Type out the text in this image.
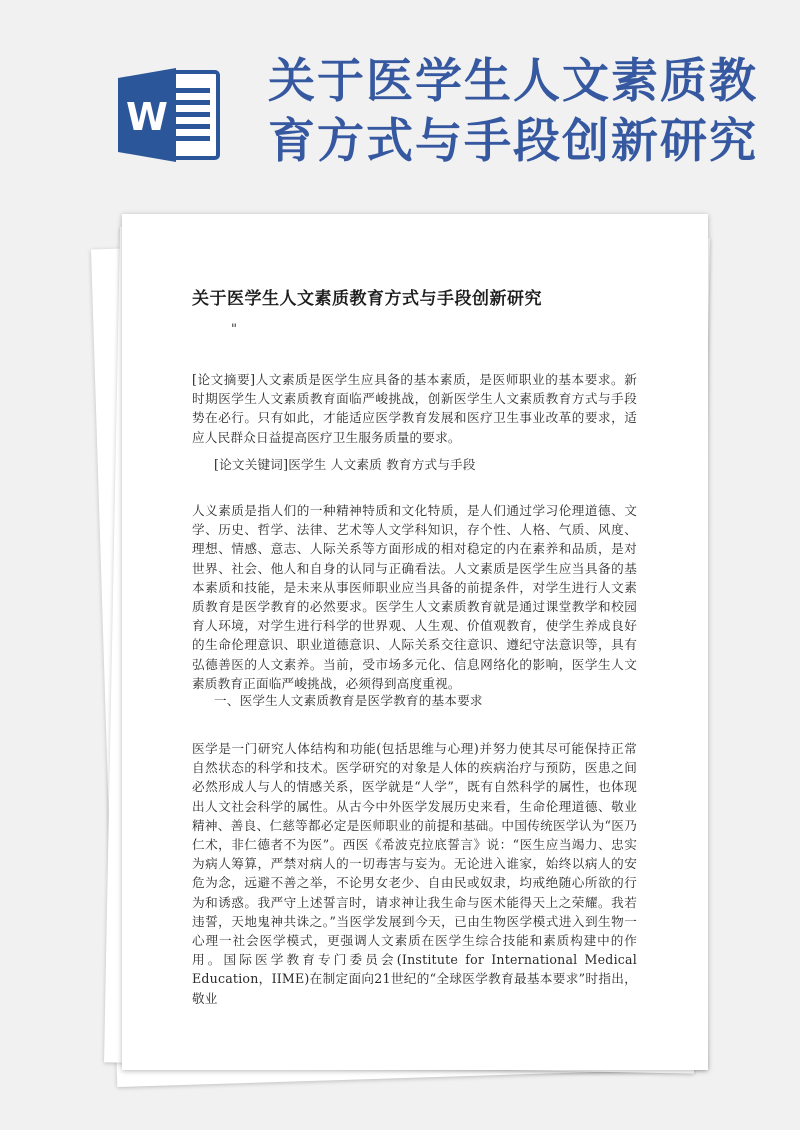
W
关于医学生人文素质教
育方式与手段创新研究
关于医学生人文素质教育方式与手段创新研究
"
[论文摘要]人文素质是医学生应具备的基本素质，是医师职业的基本要求。新时期医学生人文素质教育面临严峻挑战，创新医学生人文素质教育方式与手段势在必行。只有如此，才能适应医学教育发展和医疗卫生事业改革的要求，适应人民群众日益提高医疗卫生服务质量的要求。
[论文关键词]医学生 人文素质 教育方式与手段
人义素质是指人们的一种精神特质和文化特质，是人们通过学习伦理道德、文学、历史、哲学、法律、艺术等人文学科知识，存个性、人格、气质、风度、理想、情感、意志、人际关系等方面形成的相对稳定的内在素养和品质，是对世界、社会、他人和自身的认同与正确看法。人文素质是医学生应当具备的基本素质和技能，是未来从事医师职业应当具备的前提条件，对学生进行人文素质教育是医学教育的必然要求。医学生人文素质教育就是通过课堂教学和校园育人环境，对学生进行科学的世界观、人生观、价值观教育，使学生养成良好的生命伦理意识、职业道德意识、人际关系交往意识、遵纪守法意识等，具有弘德善医的人文素养。当前，受市场多元化、信息网络化的影响，医学生人文素质教育正面临严峻挑战，必须得到高度重视。
一、医学生人文素质教育是医学教育的基本要求
医学是一门研究人体结构和功能(包括思维与心理)并努力使其尽可能保持正常自然状态的科学和技术。医学研究的对象是人体的疾病治疗与预防，医患之间必然形成人与人的情感关系，医学就是“人学”，既有自然科学的属性，也体现出人文社会科学的属性。从古今中外医学发展历史来看，生命伦理道德、敬业精神、善良、仁慈等都必定是医师职业的前提和基础。中国传统医学认为“医乃仁术，非仁德者不为医”。西医《希波克拉底誓言》说：“医生应当竭力、忠实为病人筹算，严禁对病人的一切毒害与妄为。无论进入谁家，始终以病人的安危为念，远避不善之举，不论男女老少、自由民或奴隶，均戒绝随心所欲的行为和诱惑。我严守上述誓言时，请求神让我生命与医术能得天上之荣耀。我若违誓，天地鬼神共诛之。”当医学发展到今天，已由生物医学模式进入到生物一心理一社会医学模式，更强调人文素质在医学生综合技能和素质构建中的作用。国际医学教育专门委员会(Institute for International Medical Education，IIME)在制定面向21世纪的“全球医学教育最基本要求”时指出，敬业
